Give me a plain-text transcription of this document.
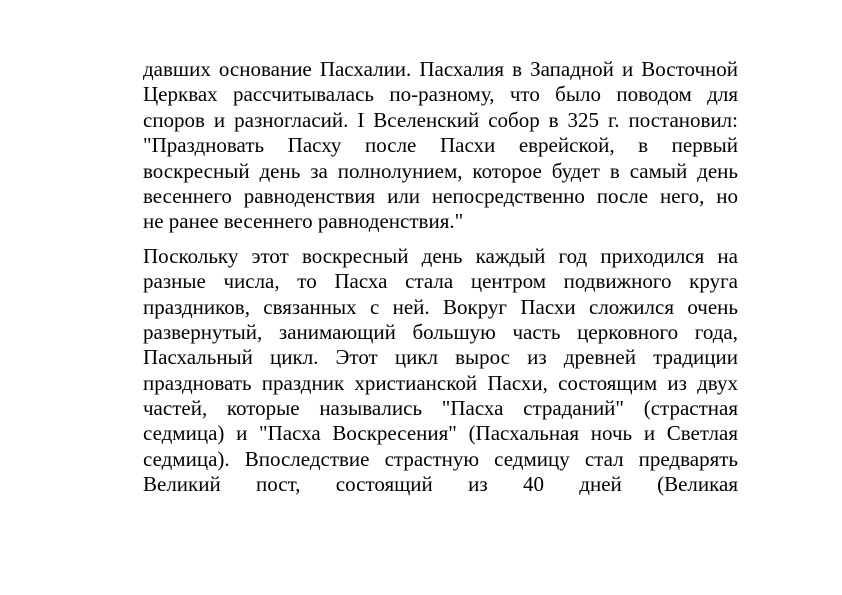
давших основание Пасхалии. Пасхалия в Западной и Восточной
Церквах рассчитывалась по-разному, что было поводом для
споров и разногласий. I Вселенский собор в 325 г. постановил:
"Праздновать Пасху после Пасхи еврейской, в первый
воскресный день за полнолунием, которое будет в самый день
весеннего равноденствия или непосредственно после него, но
не ранее весеннего равноденствия."

Поскольку этот воскресный день каждый год приходился на
разные числа, то Пасха стала центром подвижного круга
праздников, связанных с ней. Вокруг Пасхи сложился очень
развернутый, занимающий большую часть церковного года,
Пасхальный цикл. Этот цикл вырос из древней традиции
праздновать праздник христианской Пасхи, состоящим из двух
частей, которые назывались "Пасха страданий" (страстная
седмица) и "Пасха Воскресения" (Пасхальная ночь и Светлая
седмица). Впоследствие страстную седмицу стал предварять
Великий пост, состоящий из 40 дней (Великая
